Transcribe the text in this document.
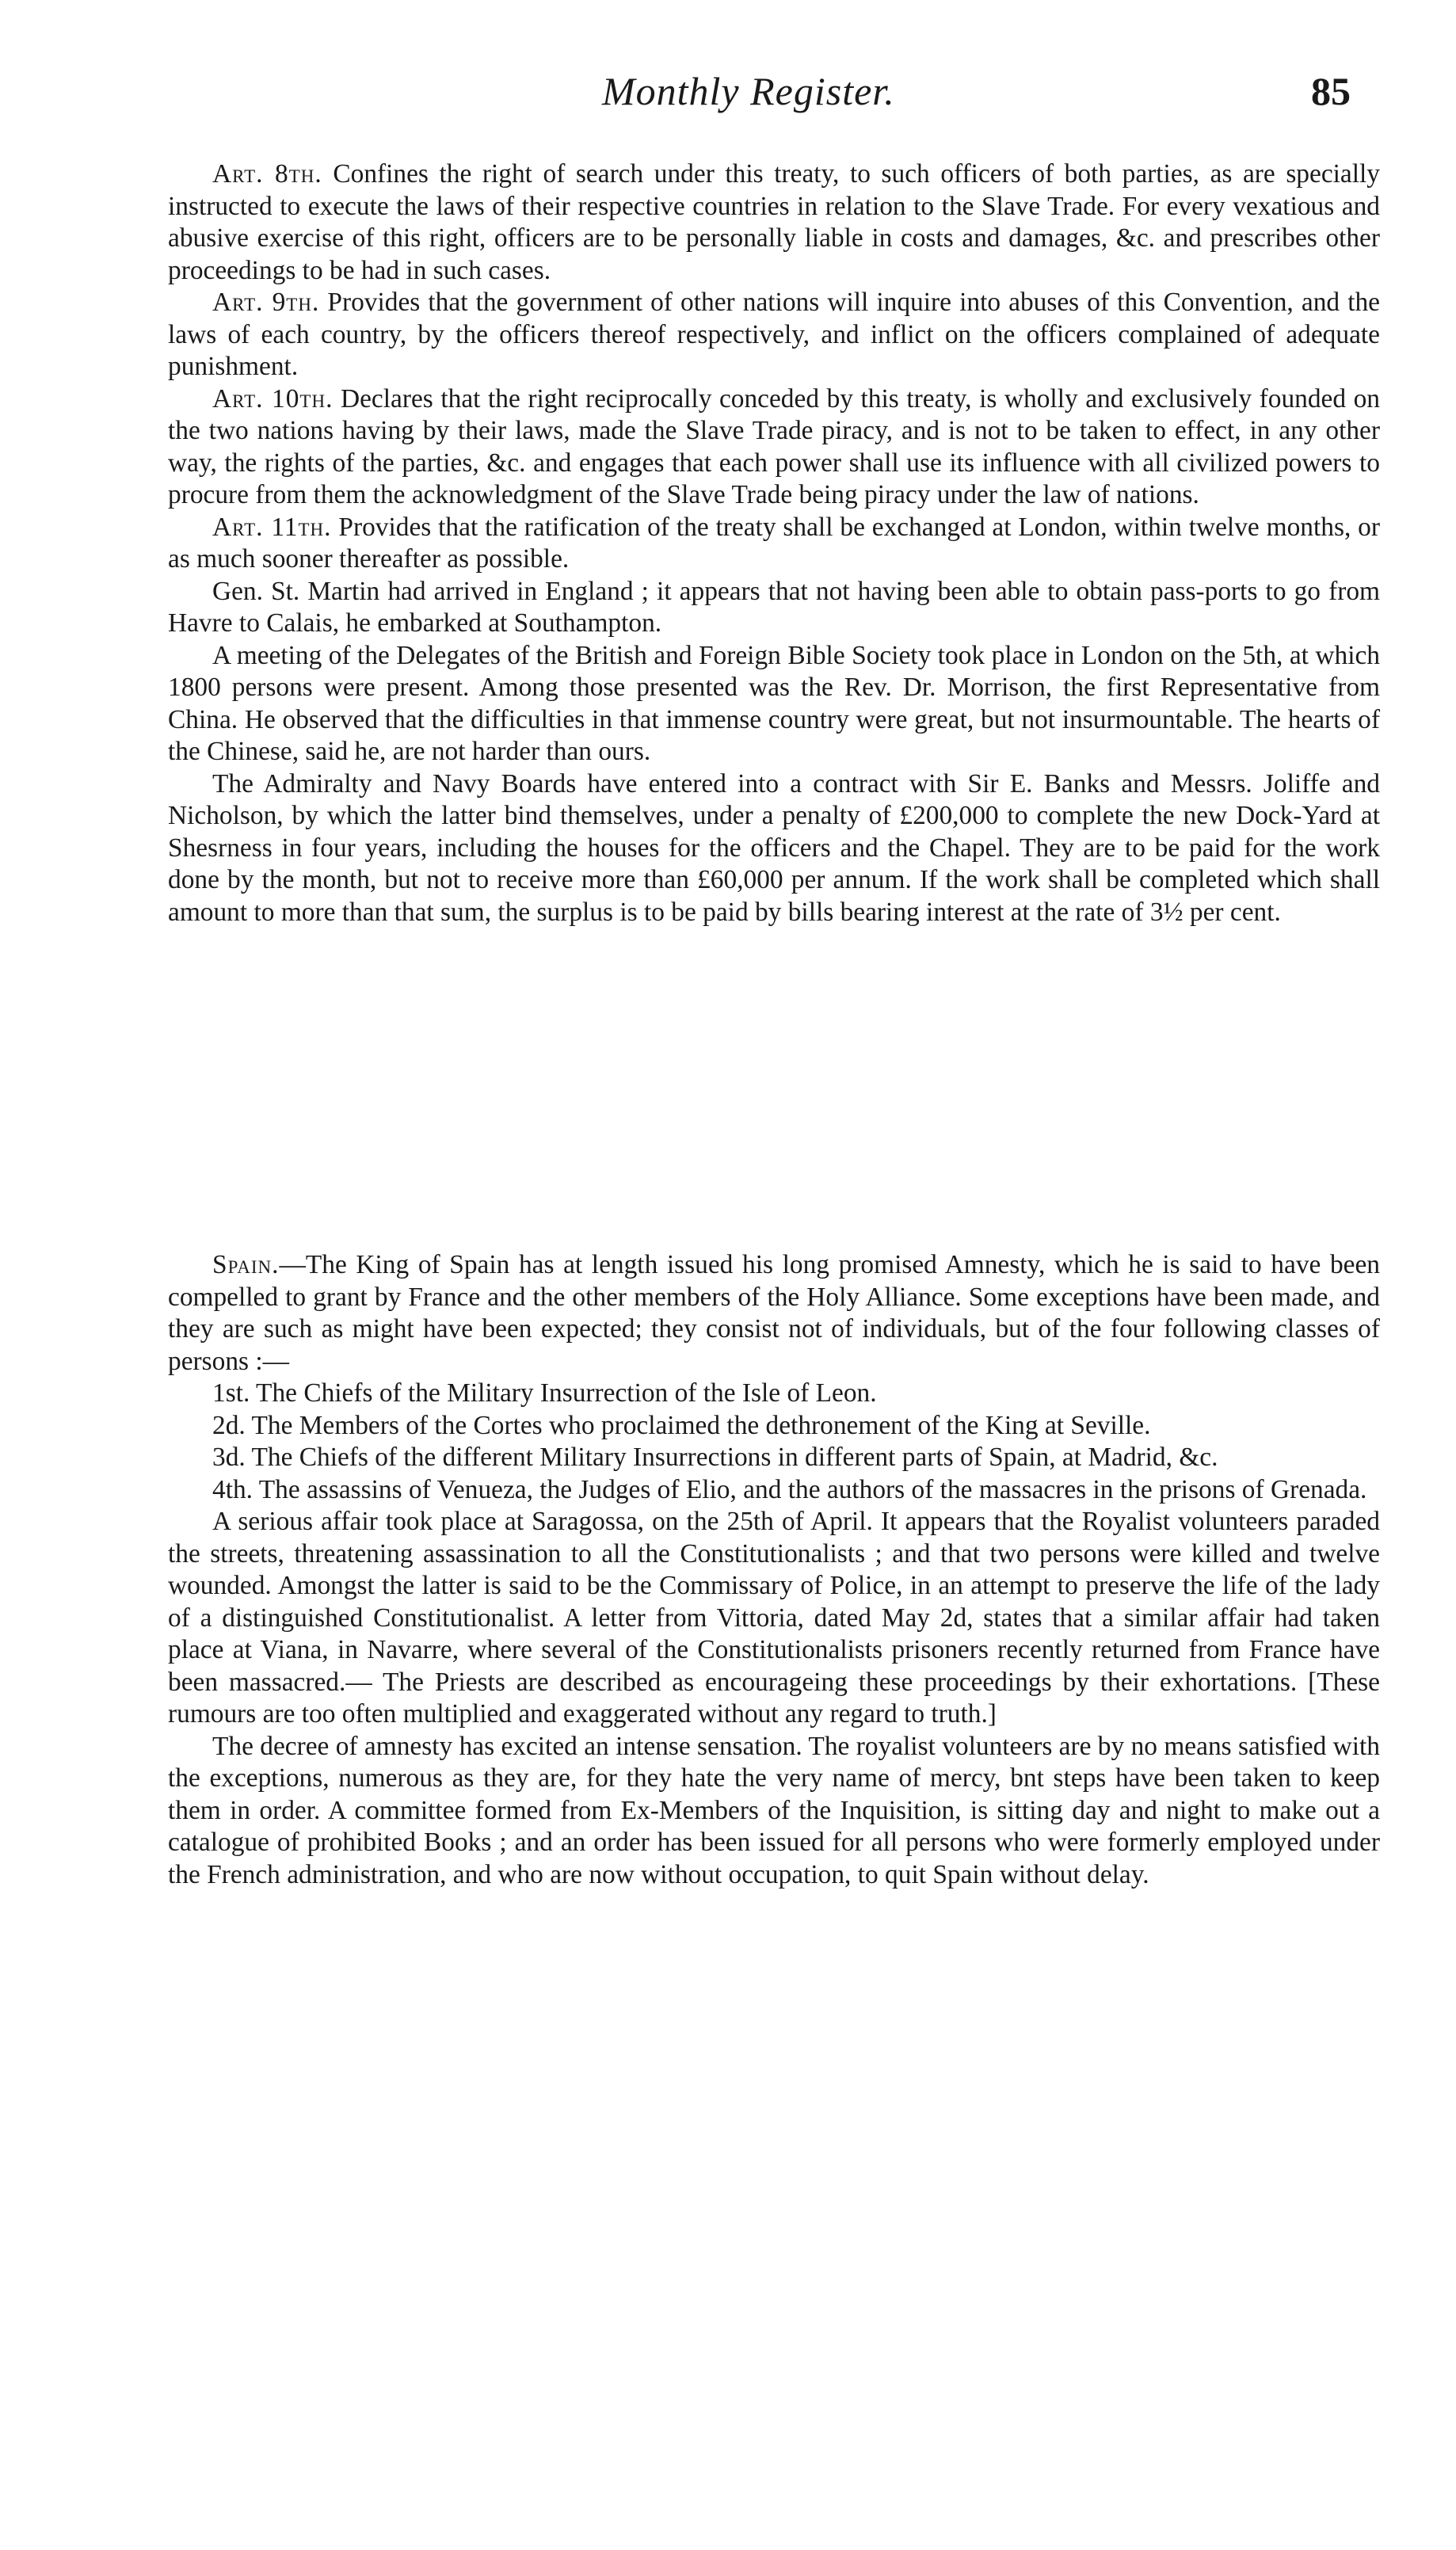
Monthly Register.	85

Art. 8th. Confines the right of search under this treaty, to such officers of both parties, as are specially instructed to execute the laws of their respective countries in relation to the Slave Trade. For every vexatious and abusive exercise of this right, officers are to be personally liable in costs and damages, &c. and prescribes other proceedings to be had in such cases.

Art. 9th. Provides that the government of other nations will inquire into abuses of this Convention, and the laws of each country, by the officers thereof respectively, and inflict on the officers complained of adequate punishment.

Art. 10th. Declares that the right reciprocally conceded by this treaty, is wholly and exclusively founded on the two nations having by their laws, made the Slave Trade piracy, and is not to be taken to effect, in any other way, the rights of the parties, &c. and engages that each power shall use its influence with all civilized powers to procure from them the acknowledgment of the Slave Trade being piracy under the law of nations.

Art. 11th. Provides that the ratification of the treaty shall be exchanged at London, within twelve months, or as much sooner thereafter as possible.

Gen. St. Martin had arrived in England ; it appears that not having been able to obtain pass-ports to go from Havre to Calais, he embarked at Southampton.

A meeting of the Delegates of the British and Foreign Bible Society took place in London on the 5th, at which 1800 persons were present. Among those presented was the Rev. Dr. Morrison, the first Representative from China. He observed that the difficulties in that immense country were great, but not insurmountable. The hearts of the Chinese, said he, are not harder than ours.

The Admiralty and Navy Boards have entered into a contract with Sir E. Banks and Messrs. Joliffe and Nicholson, by which the latter bind themselves, under a penalty of £200,000 to complete the new Dock-Yard at Shesrness in four years, including the houses for the officers and the Chapel. They are to be paid for the work done by the month, but not to receive more than £60,000 per annum. If the work shall be completed which shall amount to more than that sum, the surplus is to be paid by bills bearing interest at the rate of 3½ per cent.

Spain.—The King of Spain has at length issued his long promised Amnesty, which he is said to have been compelled to grant by France and the other members of the Holy Alliance. Some exceptions have been made, and they are such as might have been expected; they consist not of individuals, but of the four following classes of persons :—

1st. The Chiefs of the Military Insurrection of the Isle of Leon.

2d. The Members of the Cortes who proclaimed the dethronement of the King at Seville.

3d. The Chiefs of the different Military Insurrections in different parts of Spain, at Madrid, &c.

4th. The assassins of Venueza, the Judges of Elio, and the authors of the massacres in the prisons of Grenada.

A serious affair took place at Saragossa, on the 25th of April. It appears that the Royalist volunteers paraded the streets, threatening assassination to all the Constitutionalists ; and that two persons were killed and twelve wounded. Amongst the latter is said to be the Commissary of Police, in an attempt to preserve the life of the lady of a distinguished Constitutionalist. A letter from Vittoria, dated May 2d, states that a similar affair had taken place at Viana, in Navarre, where several of the Constitutionalists prisoners recently returned from France have been massacred.— The Priests are described as encourageing these proceedings by their exhortations. [These rumours are too often multiplied and exaggerated without any regard to truth.]

The decree of amnesty has excited an intense sensation. The royalist volunteers are by no means satisfied with the exceptions, numerous as they are, for they hate the very name of mercy, bnt steps have been taken to keep them in order. A committee formed from Ex-Members of the Inquisition, is sitting day and night to make out a catalogue of prohibited Books ; and an order has been issued for all persons who were formerly employed under the French administration, and who are now without occupation, to quit Spain without delay.
